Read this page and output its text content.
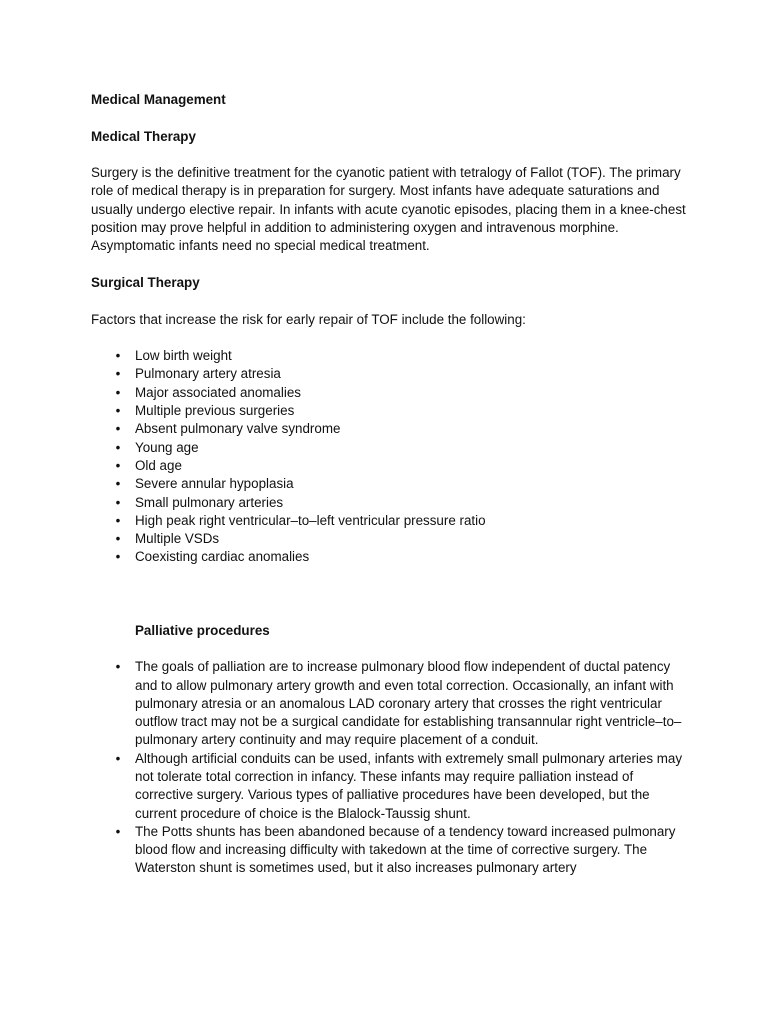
Medical Management

Medical Therapy

Surgery is the definitive treatment for the cyanotic patient with tetralogy of Fallot (TOF). The primary role of medical therapy is in preparation for surgery. Most infants have adequate saturations and usually undergo elective repair. In infants with acute cyanotic episodes, placing them in a knee-chest position may prove helpful in addition to administering oxygen and intravenous morphine. Asymptomatic infants need no special medical treatment.

Surgical Therapy

Factors that increase the risk for early repair of TOF include the following:

• Low birth weight
• Pulmonary artery atresia
• Major associated anomalies
• Multiple previous surgeries
• Absent pulmonary valve syndrome
• Young age
• Old age
• Severe annular hypoplasia
• Small pulmonary arteries
• High peak right ventricular–to–left ventricular pressure ratio
• Multiple VSDs
• Coexisting cardiac anomalies

Palliative procedures

• The goals of palliation are to increase pulmonary blood flow independent of ductal patency and to allow pulmonary artery growth and even total correction. Occasionally, an infant with pulmonary atresia or an anomalous LAD coronary artery that crosses the right ventricular outflow tract may not be a surgical candidate for establishing transannular right ventricle–to–pulmonary artery continuity and may require placement of a conduit.
• Although artificial conduits can be used, infants with extremely small pulmonary arteries may not tolerate total correction in infancy. These infants may require palliation instead of corrective surgery. Various types of palliative procedures have been developed, but the current procedure of choice is the Blalock-Taussig shunt.
• The Potts shunts has been abandoned because of a tendency toward increased pulmonary blood flow and increasing difficulty with takedown at the time of corrective surgery. The Waterston shunt is sometimes used, but it also increases pulmonary artery
